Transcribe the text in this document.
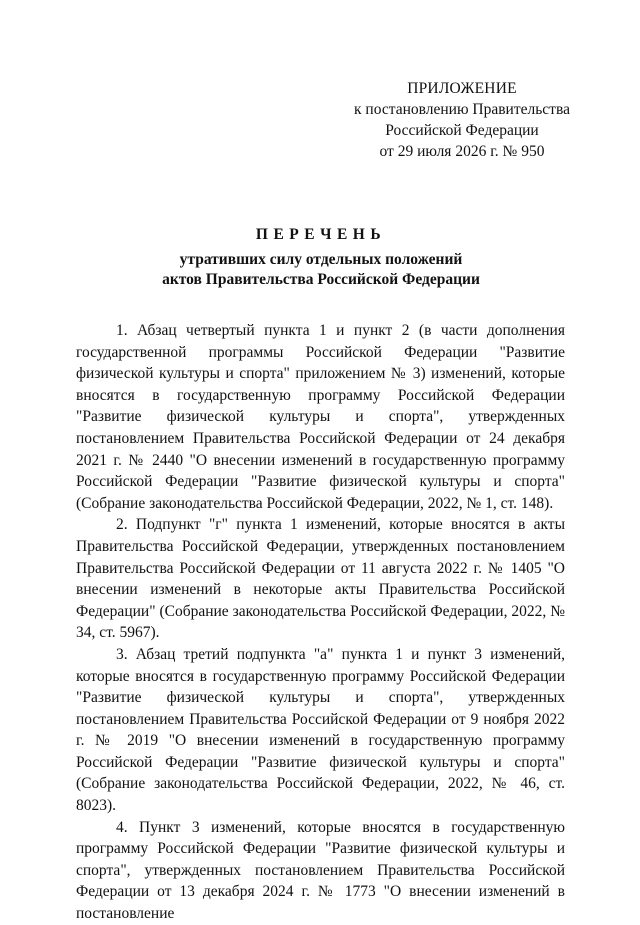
ПРИЛОЖЕНИЕ
к постановлению Правительства
Российской Федерации
от 29 июля 2026 г. № 950
ПЕРЕЧЕНЬ
утративших силу отдельных положений
актов Правительства Российской Федерации

1. Абзац четвертый пункта 1 и пункт 2 (в части дополнения государственной программы Российской Федерации "Развитие физической культуры и спорта" приложением № 3) изменений, которые вносятся в государственную программу Российской Федерации "Развитие физической культуры и спорта", утвержденных постановлением Правительства Российской Федерации от 24 декабря 2021 г. № 2440 "О внесении изменений в государственную программу Российской Федерации "Развитие физической культуры и спорта" (Собрание законодательства Российской Федерации, 2022, № 1, ст. 148).

2. Подпункт "г" пункта 1 изменений, которые вносятся в акты Правительства Российской Федерации, утвержденных постановлением Правительства Российской Федерации от 11 августа 2022 г. № 1405 "О внесении изменений в некоторые акты Правительства Российской Федерации" (Собрание законодательства Российской Федерации, 2022, № 34, ст. 5967).

3. Абзац третий подпункта "а" пункта 1 и пункт 3 изменений, которые вносятся в государственную программу Российской Федерации "Развитие физической культуры и спорта", утвержденных постановлением Правительства Российской Федерации от 9 ноября 2022 г. № 2019 "О внесении изменений в государственную программу Российской Федерации "Развитие физической культуры и спорта" (Собрание законодательства Российской Федерации, 2022, № 46, ст. 8023).

4. Пункт 3 изменений, которые вносятся в государственную программу Российской Федерации "Развитие физической культуры и спорта", утвержденных постановлением Правительства Российской Федерации от 13 декабря 2024 г. № 1773 "О внесении изменений в постановление
